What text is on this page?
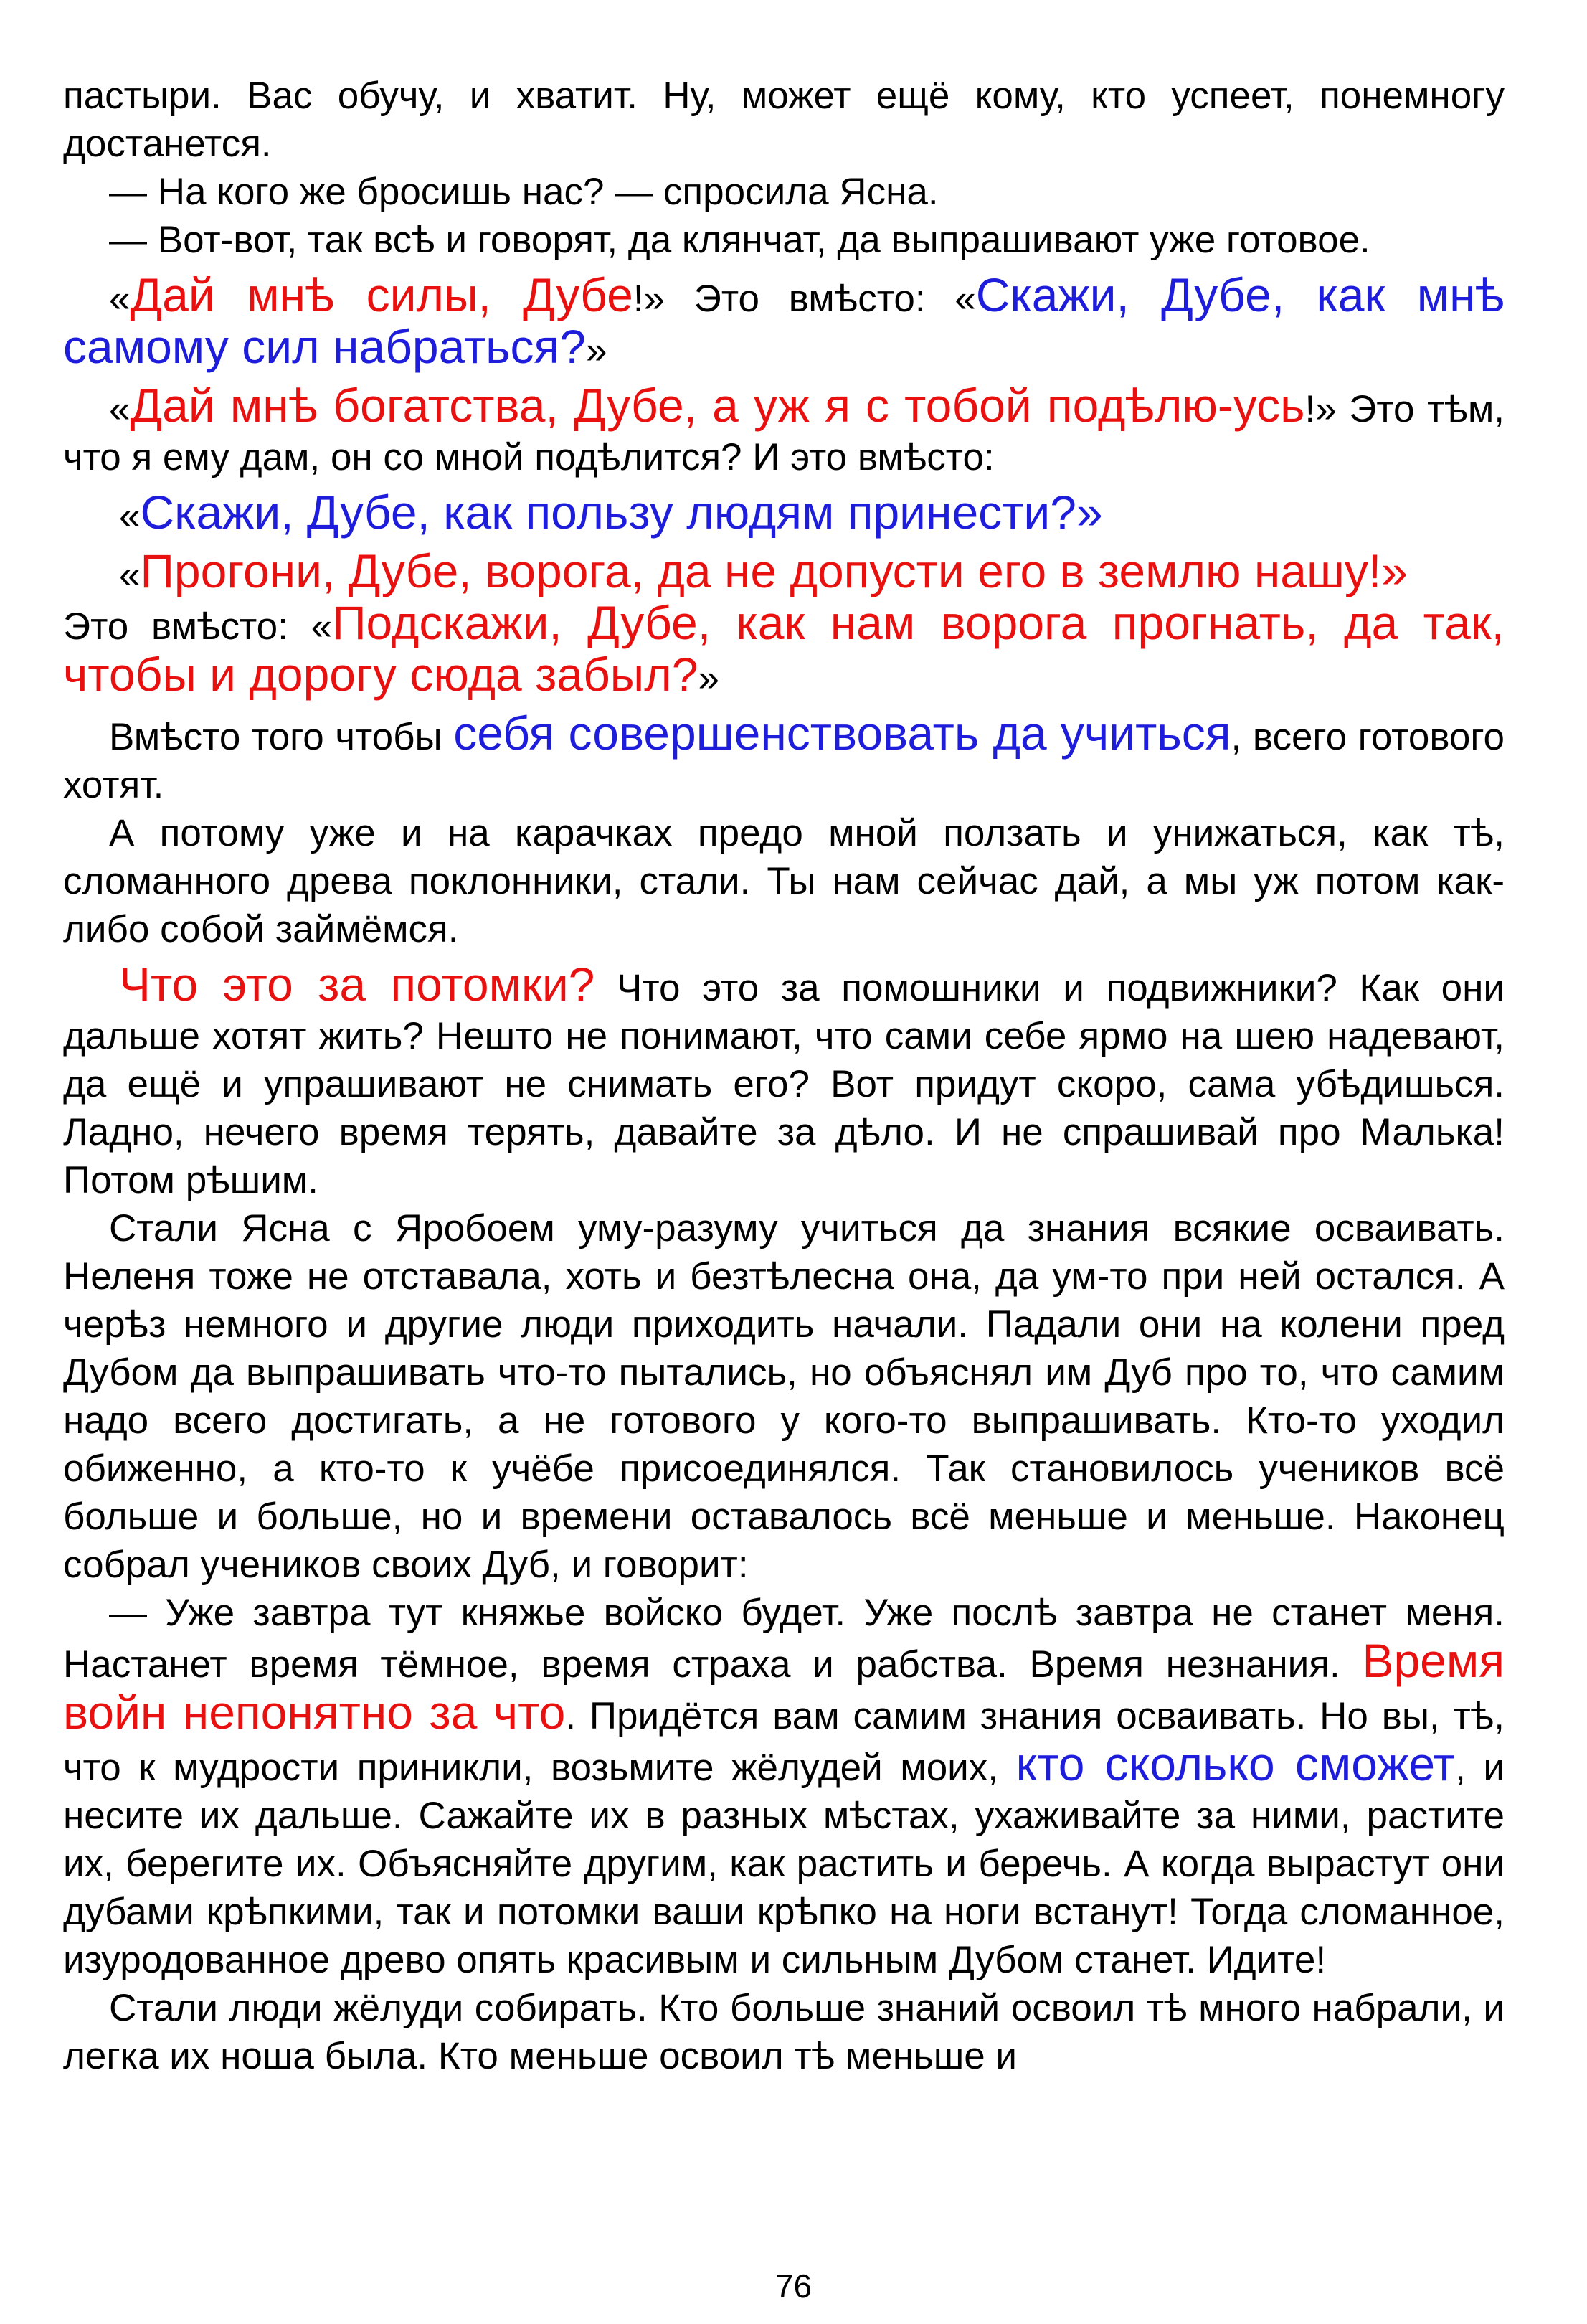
пастыри. Вас обучу, и хватит. Ну, может ещё кому, кто успеет, понемногу достанется.

— На кого же бросишь нас? — спросила Ясна.

— Вот-вот, так всѣ и говорят, да клянчат, да выпрашивают уже готовое.

«Дай мнѣ силы, Дубе!» Это вмѣсто: «Скажи, Дубе, как мнѣ самому сил набраться?»

«Дай мнѣ богатства, Дубе, а уж я с тобой подѣлю-усь!» Это тѣм, что я ему дам, он со мной подѣлится? И это вмѣсто:

«Скажи, Дубе, как пользу людям принести?»

«Прогони, Дубе, ворога, да не допусти его в землю нашу!»

Это вмѣсто: «Подскажи, Дубе, как нам ворога прогнать, да так, чтобы и дорогу сюда забыл?»

Вмѣсто того чтобы себя совершенствовать да учиться, всего готового хотят.

А потому уже и на карачках предо мной ползать и унижаться, как тѣ, сломанного древа поклонники, стали. Ты нам сейчас дай, а мы уж потом как-либо собой займёмся.

Что это за потомки? Что это за помошники и подвижники? Как они дальше хотят жить? Нешто не понимают, что сами себе ярмо на шею надевают, да ещё и упрашивают не снимать его? Вот придут скоро, сама убѣдишься. Ладно, нечего время терять, давайте за дѣло. И не спрашивай про Малька! Потом рѣшим.

Стали Ясна с Яробоем уму-разуму учиться да знания всякие осваивать. Неленя тоже не отставала, хоть и безтѣлесна она, да ум-то при ней остался. А черѣз немного и другие люди приходить начали. Падали они на колени пред Дубом да выпрашивать что-то пытались, но объяснял им Дуб про то, что самим надо всего достигать, а не готового у кого-то выпрашивать. Кто-то уходил обиженно, а кто-то к учёбе присоединялся. Так становилось учеников всё больше и больше, но и времени оставалось всё меньше и меньше. Наконец собрал учеников своих Дуб, и говорит:

— Уже завтра тут княжье войско будет. Уже послѣ завтра не станет меня. Настанет время тёмное, время страха и рабства. Время незнания. Время войн непонятно за что. Придётся вам самим знания осваивать. Но вы, тѣ, что к мудрости приникли, возьмите жёлудей моих, кто сколько сможет, и несите их дальше. Сажайте их в разных мѣстах, ухаживайте за ними, растите их, берегите их. Объясняйте другим, как растить и беречь. А когда вырастут они дубами крѣпкими, так и потомки ваши крѣпко на ноги встанут! Тогда сломанное, изуродованное древо опять красивым и сильным Дубом станет. Идите!

Стали люди жёлуди собирать. Кто больше знаний освоил тѣ много набрали, и легка их ноша была. Кто меньше освоил тѣ меньше и

76
